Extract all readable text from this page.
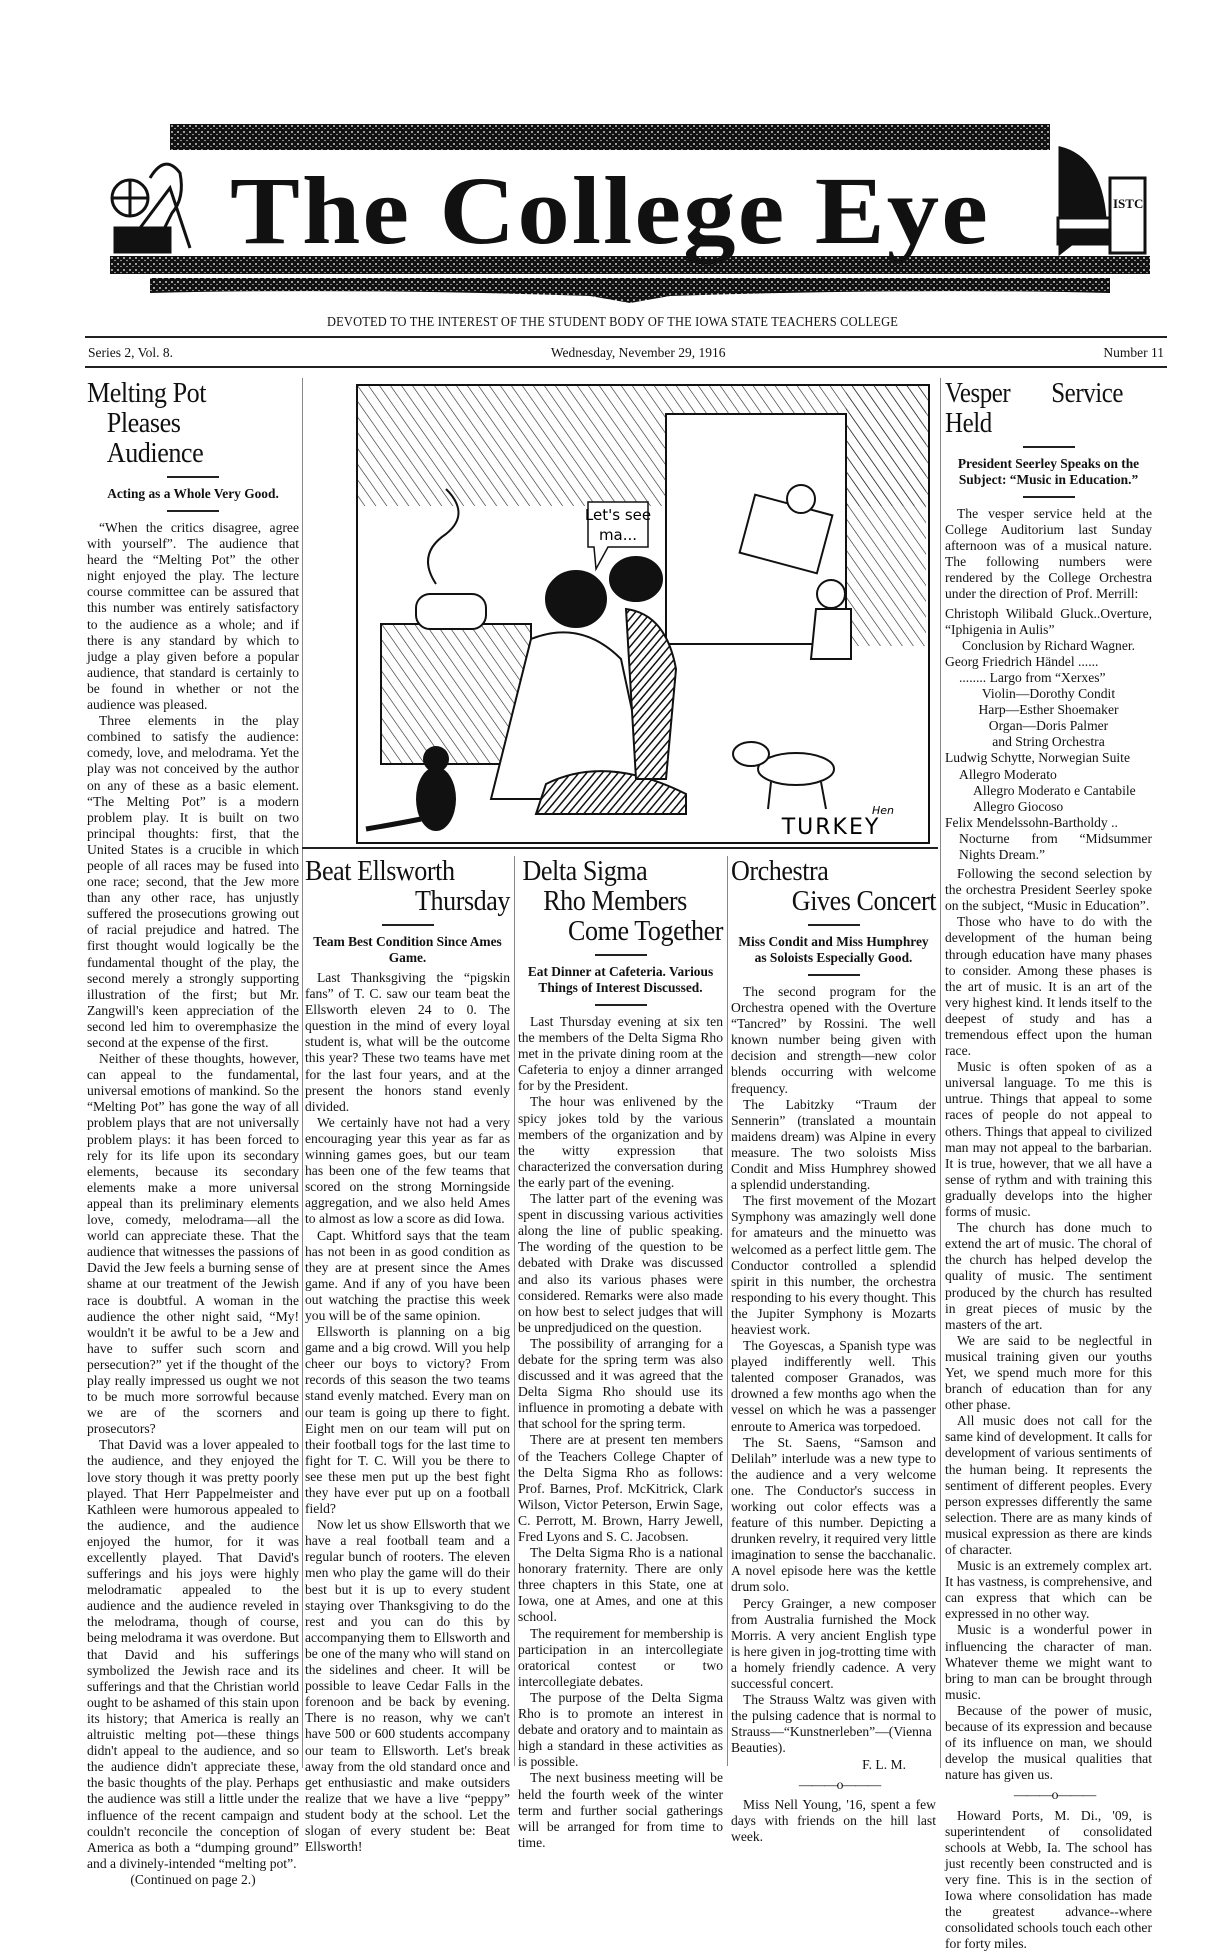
ISTC
The College Eye
DEVOTED TO THE INTEREST OF THE STUDENT BODY OF THE IOWA STATE TEACHERS COLLEGE
Series 2, Vol. 8.	Wednesday, Nevember 29, 1916	Number 11
Melting Pot
Pleases Audience
Acting as a Whole Very Good.

“When the critics disagree, agree with yourself”. The audience that heard the “Melting Pot” the other night enjoyed the play. The lecture course committee can be assured that this number was entirely satisfactory to the audience as a whole; and if there is any standard by which to judge a play given before a popular audience, that standard is certainly to be found in whether or not the audience was pleased.

Three elements in the play combined to satisfy the audience: comedy, love, and melodrama. Yet the play was not conceived by the author on any of these as a basic element. “The Melting Pot” is a modern problem play. It is built on two principal thoughts: first, that the United States is a crucible in which people of all races may be fused into one race; second, that the Jew more than any other race, has unjustly suffered the prosecutions growing out of racial prejudice and hatred. The first thought would logically be the fundamental thought of the play, the second merely a strongly supporting illustration of the first; but Mr. Zangwill's keen appreciation of the second led him to overemphasize the second at the expense of the first.

Neither of these thoughts, however, can appeal to the fundamental, universal emotions of mankind. So the “Melting Pot” has gone the way of all problem plays that are not universally problem plays: it has been forced to rely for its life upon its secondary elements, because its secondary elements make a more universal appeal than its preliminary elements love, comedy, melodrama—all the world can appreciate these. That the audience that witnesses the passions of David the Jew feels a burning sense of shame at our treatment of the Jewish race is doubtful. A woman in the audience the other night said, “My! wouldn't it be awful to be a Jew and have to suffer such scorn and persecution?” yet if the thought of the play really impressed us ought we not to be much more sorrowful because we are of the scorners and prosecutors?

That David was a lover appealed to the audience, and they enjoyed the love story though it was pretty poorly played. That Herr Pappelmeister and Kathleen were humorous appealed to the audience, and the audience enjoyed the humor, for it was excellently played. That David's sufferings and his joys were highly melodramatic appealed to the audience and the audience reveled in the melodrama, though of course, being melodrama it was overdone. But that David and his sufferings symbolized the Jewish race and its sufferings and that the Christian world ought to be ashamed of this stain upon its history; that America is really an altruistic melting pot—these things didn't appeal to the audience, and so the audience didn't appreciate these, the basic thoughts of the play. Perhaps the audience was still a little under the influence of the recent campaign and couldn't reconcile the conception of America as both a “dumping ground” and a divinely-intended “melting pot”.

(Continued on page 2.)

Let's see
ma...
Hen
TURKEY
Beat Ellsworth
Thursday
Team Best Condition Since Ames Game.

Last Thanksgiving the “pigskin fans” of T. C. saw our team beat the Ellsworth eleven 24 to 0. The question in the mind of every loyal student is, what will be the outcome this year? These two teams have met for the last four years, and at the present the honors stand evenly divided.

We certainly have not had a very encouraging year this year as far as winning games goes, but our team has been one of the few teams that scored on the strong Morningside aggregation, and we also held Ames to almost as low a score as did Iowa.

Capt. Whitford says that the team has not been in as good condition as they are at present since the Ames game. And if any of you have been out watching the practise this week you will be of the same opinion.

Ellsworth is planning on a big game and a big crowd. Will you help cheer our boys to victory? From records of this season the two teams stand evenly matched. Every man on our team is going up there to fight. Eight men on our team will put on their football togs for the last time to fight for T. C. Will you be there to see these men put up the best fight they have ever put up on a football field?

Now let us show Ellsworth that we have a real football team and a regular bunch of rooters. The eleven men who play the game will do their best but it is up to every student staying over Thanksgiving to do the rest and you can do this by accompanying them to Ellsworth and be one of the many who will stand on the sidelines and cheer. It will be possible to leave Cedar Falls in the forenoon and be back by evening. There is no reason, why we can't have 500 or 600 students accompany our team to Ellsworth. Let's break away from the old standard once and get enthusiastic and make outsiders realize that we have a live “peppy” student body at the school. Let the slogan of every student be: Beat Ellsworth!

Delta Sigma
Rho Members
Come Together
Eat Dinner at Cafeteria. Various Things of Interest Discussed.

Last Thursday evening at six ten the members of the Delta Sigma Rho met in the private dining room at the Cafeteria to enjoy a dinner arranged for by the President.

The hour was enlivened by the spicy jokes told by the various members of the organization and by the witty expression that characterized the conversation during the early part of the evening.

The latter part of the evening was spent in discussing various activities along the line of public speaking. The wording of the question to be debated with Drake was discussed and also its various phases were considered. Remarks were also made on how best to select judges that will be unpredjudiced on the question.

The possibility of arranging for a debate for the spring term was also discussed and it was agreed that the Delta Sigma Rho should use its influence in promoting a debate with that school for the spring term.

There are at present ten members of the Teachers College Chapter of the Delta Sigma Rho as follows: Prof. Barnes, Prof. McKitrick, Clark Wilson, Victor Peterson, Erwin Sage, C. Perrott, M. Brown, Harry Jewell, Fred Lyons and S. C. Jacobsen.

The Delta Sigma Rho is a national honorary fraternity. There are only three chapters in this State, one at Iowa, one at Ames, and one at this school.

The requirement for membership is participation in an intercollegiate oratorical contest or two intercollegiate debates.

The purpose of the Delta Sigma Rho is to promote an interest in debate and oratory and to maintain as high a standard in these activities as is possible.

The next business meeting will be held the fourth week of the winter term and further social gatherings will be arranged for from time to time.

Orchestra
Gives Concert
Miss Condit and Miss Humphrey as Soloists Especially Good.

The second program for the Orchestra opened with the Overture “Tancred” by Rossini. The well known number being given with decision and strength—new color blends occurring with welcome frequency.

The Labitzky “Traum der Sennerin” (translated a mountain maidens dream) was Alpine in every measure. The two soloists Miss Condit and Miss Humphrey showed a splendid understanding.

The first movement of the Mozart Symphony was amazingly well done for amateurs and the minuetto was welcomed as a perfect little gem. The Conductor controlled a splendid spirit in this number, the orchestra responding to his every thought. This the Jupiter Symphony is Mozarts heaviest work.

The Goyescas, a Spanish type was played indifferently well. This talented composer Granados, was drowned a few months ago when the vessel on which he was a passenger enroute to America was torpedoed.

The St. Saens, “Samson and Delilah” interlude was a new type to the audience and a very welcome one. The Conductor's success in working out color effects was a feature of this number. Depicting a drunken revelry, it required very little imagination to sense the bacchanalic. A novel episode here was the kettle drum solo.

Percy Grainger, a new composer from Australia furnished the Mock Morris. A very ancient English type is here given in jog-trotting time with a homely friendly cadence. A very successful concert.

The Strauss Waltz was given with the pulsing cadence that is normal to Strauss—“Kunstnerleben”—(Vienna Beauties).

F. L. M.

———o———

Miss Nell Young, '16, spent a few days with friends on the hill last week.

Vesper Service Held
President Seerley Speaks on the Subject: “Music in Education.”

The vesper service held at the College Auditorium last Sunday afternoon was of a musical nature. The following numbers were rendered by the College Orchestra under the direction of Prof. Merrill:

Christoph Wilibald Gluck..Overture, “Iphigenia in Aulis”

Conclusion by Richard Wagner.

Georg Friedrich Händel ......

........ Largo from “Xerxes”

Violin—Dorothy Condit

Harp—Esther Shoemaker

Organ—Doris Palmer

and String Orchestra

Ludwig Schytte, Norwegian Suite

Allegro Moderato

Allegro Moderato e Cantabile

Allegro Giocoso

Felix Mendelssohn-Bartholdy ..

Nocturne from “Midsummer Nights Dream.”

Following the second selection by the orchestra President Seerley spoke on the subject, “Music in Education”.

Those who have to do with the development of the human being through education have many phases to consider. Among these phases is the art of music. It is an art of the very highest kind. It lends itself to the deepest of study and has a tremendous effect upon the human race.

Music is often spoken of as a universal language. To me this is untrue. Things that appeal to some races of people do not appeal to others. Things that appeal to civilized man may not appeal to the barbarian. It is true, however, that we all have a sense of rythm and with training this gradually develops into the higher forms of music.

The church has done much to extend the art of music. The choral of the church has helped develop the quality of music. The sentiment produced by the church has resulted in great pieces of music by the masters of the art.

We are said to be neglectful in musical training given our youths Yet, we spend much more for this branch of education than for any other phase.

All music does not call for the same kind of development. It calls for development of various sentiments of the human being. It represents the sentiment of different peoples. Every person expresses differently the same selection. There are as many kinds of musical expression as there are kinds of character.

Music is an extremely complex art. It has vastness, is comprehensive, and can express that which can be expressed in no other way.

Music is a wonderful power in influencing the character of man. Whatever theme we might want to bring to man can be brought through music.

Because of the power of music, because of its expression and because of its influence on man, we should develop the musical qualities that nature has given us.

———o———

Howard Ports, M. Di., '09, is superintendent of consolidated schools at Webb, Ia. The school has just recently been constructed and is very fine. This is in the section of Iowa where consolidation has made the greatest advance--where consolidated schools touch each other for forty miles.
